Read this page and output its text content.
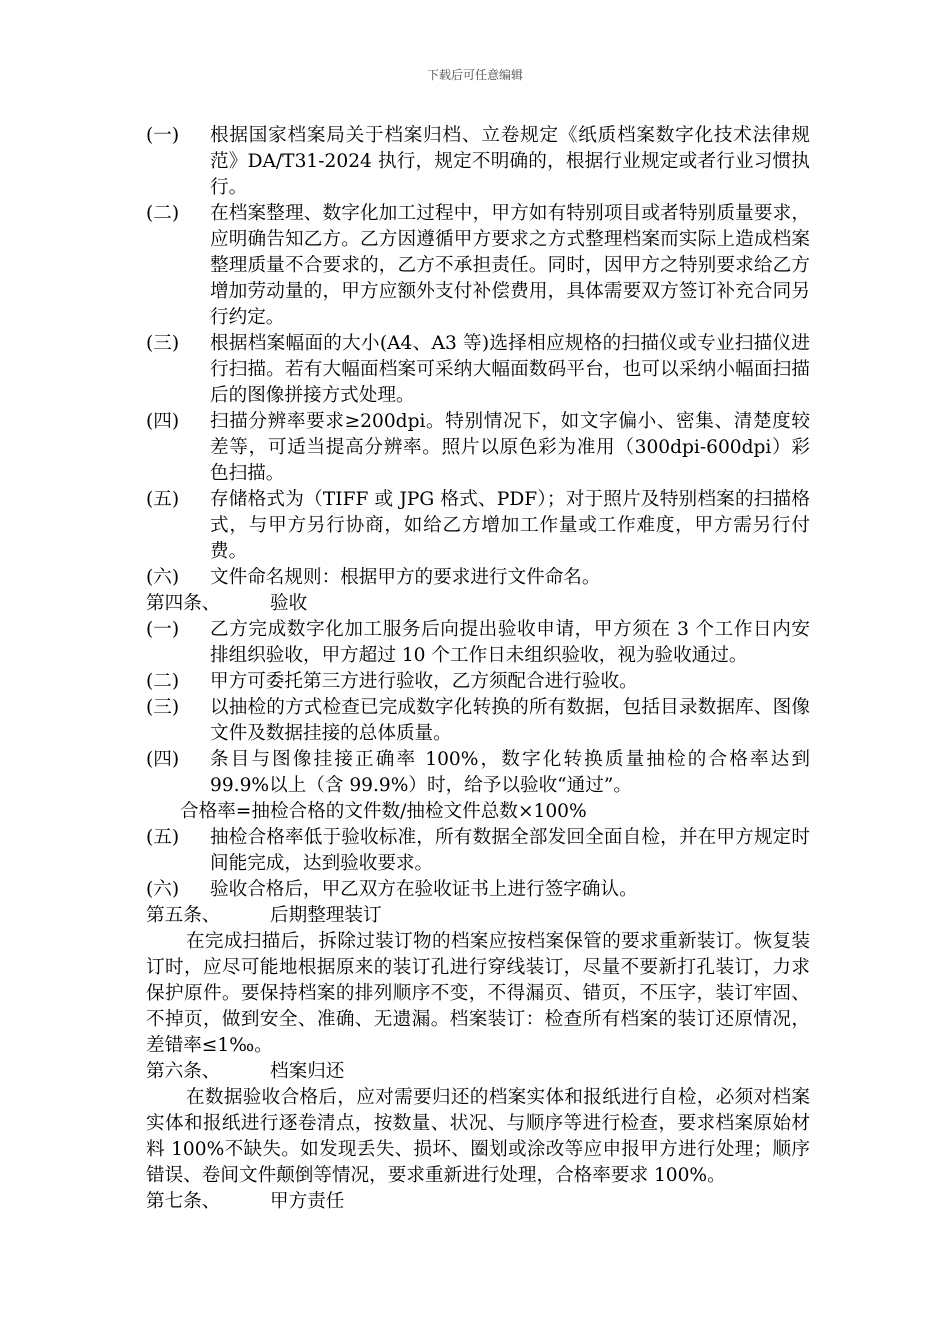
下载后可任意编辑
(一)	根据国家档案局关于档案归档、立卷规定《纸质档案数字化技术法律规范》DA/T31-2024 执行，规定不明确的，根据行业规定或者行业习惯执行。
(二)	在档案整理、数字化加工过程中，甲方如有特别项目或者特别质量要求，应明确告知乙方。乙方因遵循甲方要求之方式整理档案而实际上造成档案整理质量不合要求的，乙方不承担责任。同时，因甲方之特别要求给乙方增加劳动量的，甲方应额外支付补偿费用，具体需要双方签订补充合同另行约定。
(三)	根据档案幅面的大小(A4、A3 等)选择相应规格的扫描仪或专业扫描仪进行扫描。若有大幅面档案可采纳大幅面数码平台，也可以采纳小幅面扫描后的图像拼接方式处理。
(四)	扫描分辨率要求≥200dpi。特别情况下，如文字偏小、密集、清楚度较差等，可适当提高分辨率。照片以原色彩为准用（300dpi-600dpi）彩色扫描。
(五)	存储格式为（TIFF 或 JPG 格式、PDF）；对于照片及特别档案的扫描格式，与甲方另行协商，如给乙方增加工作量或工作难度，甲方需另行付费。
(六)	文件命名规则：根据甲方的要求进行文件命名。
第四条、	验收
(一)	乙方完成数字化加工服务后向提出验收申请，甲方须在 3 个工作日内安排组织验收，甲方超过 10 个工作日未组织验收，视为验收通过。
(二)	甲方可委托第三方进行验收，乙方须配合进行验收。
(三)	以抽检的方式检查已完成数字化转换的所有数据，包括目录数据库、图像文件及数据挂接的总体质量。
(四)	条目与图像挂接正确率 100%，数字化转换质量抽检的合格率达到 99.9%以上（含 99.9%）时，给予以验收“通过”。
合格率=抽检合格的文件数/抽检文件总数×100%
(五)	抽检合格率低于验收标准，所有数据全部发回全面自检，并在甲方规定时间能完成，达到验收要求。
(六)	验收合格后，甲乙双方在验收证书上进行签字确认。
第五条、	后期整理装订
在完成扫描后，拆除过装订物的档案应按档案保管的要求重新装订。恢复装订时，应尽可能地根据原来的装订孔进行穿线装订，尽量不要新打孔装订，力求保护原件。要保持档案的排列顺序不变，不得漏页、错页，不压字，装订牢固、不掉页，做到安全、准确、无遗漏。档案装订：检查所有档案的装订还原情况，差错率≤1‰。
第六条、	档案归还
在数据验收合格后，应对需要归还的档案实体和报纸进行自检，必须对档案实体和报纸进行逐卷清点，按数量、状况、与顺序等进行检查，要求档案原始材料 100%不缺失。如发现丢失、损坏、圈划或涂改等应申报甲方进行处理；顺序错误、卷间文件颠倒等情况，要求重新进行处理，合格率要求 100%。
第七条、	甲方责任
